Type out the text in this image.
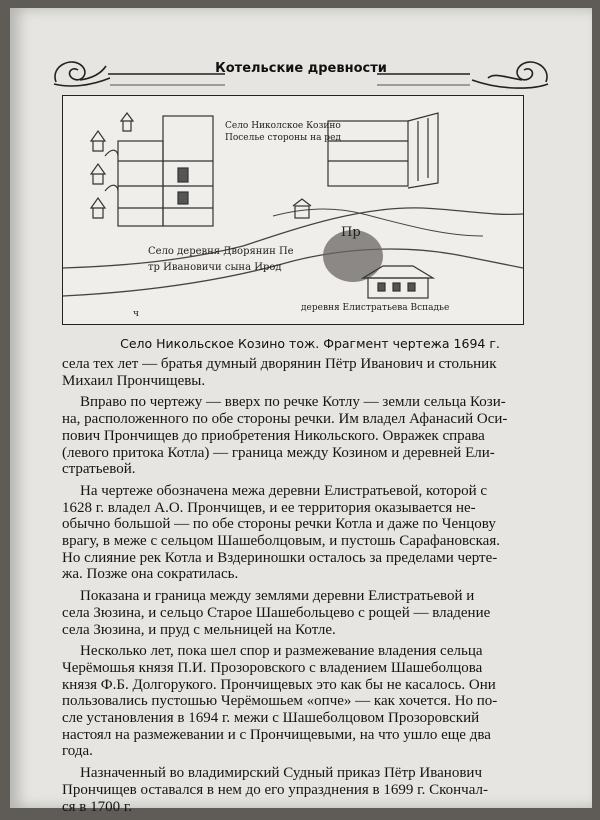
Котельские древности
Село Николское Козино
Поселье стороны на ред
Село деревня Дворянин Пе
тр Ивановичи сына Ирод
Пр
деревня Елистратьева Вспадье
ч
Село Никольское Козино тож. Фрагмент чертежа 1694 г.
села тех лет — братья думный дворянин Пётр Иванович и стольник
Михаил Прончищевы.
Вправо по чертежу — вверх по речке Котлу — земли сельца Кози-
на, расположенного по обе стороны речки. Им владел Афанасий Оси-
пович Прончищев до приобретения Никольского. Овражек справа
(левого притока Котла) — граница между Козином и деревней Ели-
стратьевой.
На чертеже обозначена межа деревни Елистратьевой, которой с
1628 г. владел А.О. Прончищев, и ее территория оказывается не-
обычно большой — по обе стороны речки Котла и даже по Ченцову
врагу, в меже с сельцом Шашеболцовым, и пустошь Сарафановская.
Но слияние рек Котла и Вздериношки осталось за пределами черте-
жа. Позже она сократилась.
Показана и граница между землями деревни Елистратьевой и
села Зюзина, и сельцо Старое Шашебольцево с рощей — владение
села Зюзина, и пруд с мельницей на Котле.
Несколько лет, пока шел спор и размежевание владения сельца
Черёмошья князя П.И. Прозоровского с владением Шашеболцова
князя Ф.Б. Долгорукого. Прончищевых это как бы не касалось. Они
пользовались пустошью Черёмошьем «опче» — как хочется. Но по-
сле установления в 1694 г. межи с Шашеболцовом Прозоровский
настоял на размежевании и с Прончищевыми, на что ушло еще два
года.
Назначенный во владимирский Судный приказ Пётр Иванович
Прончищев оставался в нем до его упразднения в 1699 г. Скончал-
ся в 1700 г.
